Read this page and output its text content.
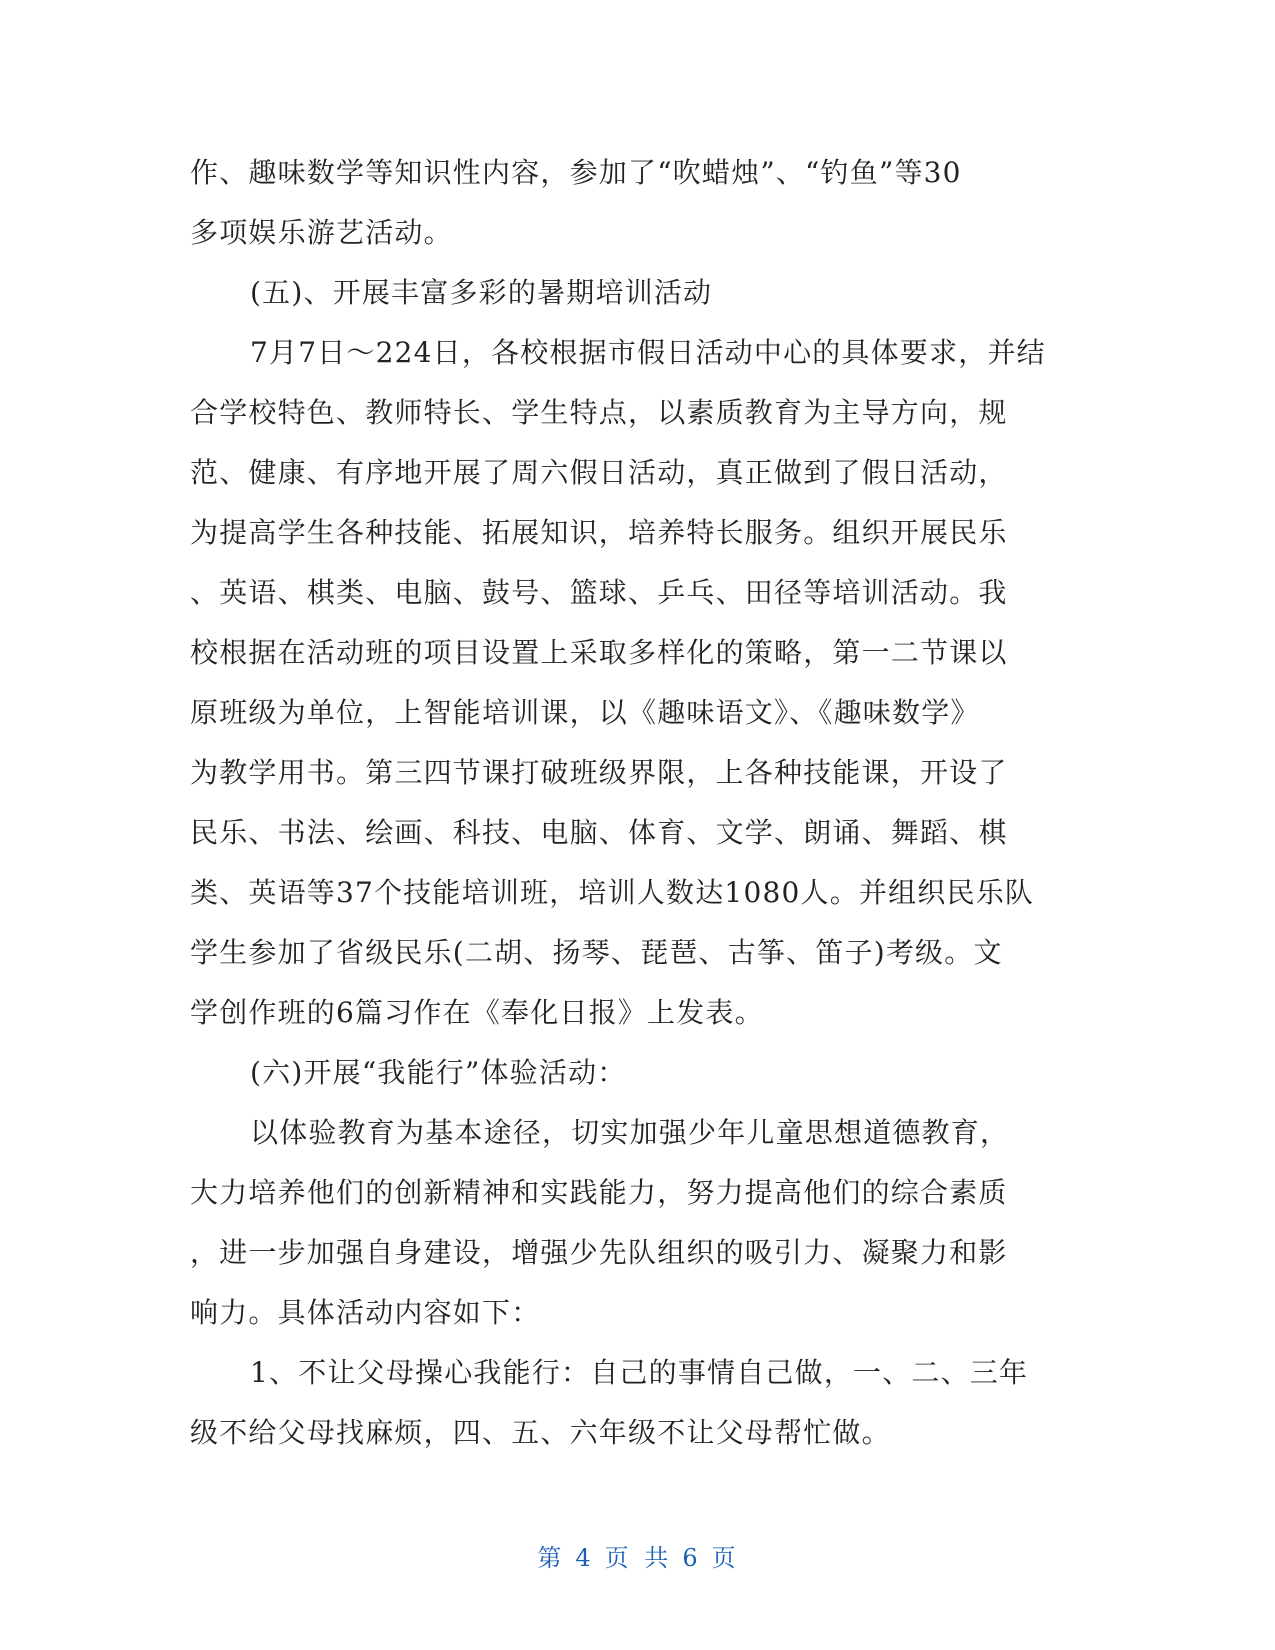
作、趣味数学等知识性内容，参加了“吹蜡烛”、“钓鱼”等30
多项娱乐游艺活动。
(五)、开展丰富多彩的暑期培训活动
7月7日～224日，各校根据市假日活动中心的具体要求，并结
合学校特色、教师特长、学生特点，以素质教育为主导方向，规
范、健康、有序地开展了周六假日活动，真正做到了假日活动，
为提高学生各种技能、拓展知识，培养特长服务。组织开展民乐
、英语、棋类、电脑、鼓号、篮球、乒乓、田径等培训活动。我
校根据在活动班的项目设置上采取多样化的策略，第一二节课以
原班级为单位，上智能培训课，以《趣味语文》、《趣味数学》
为教学用书。第三四节课打破班级界限，上各种技能课，开设了
民乐、书法、绘画、科技、电脑、体育、文学、朗诵、舞蹈、棋
类、英语等37个技能培训班，培训人数达1080人。并组织民乐队
学生参加了省级民乐(二胡、扬琴、琵琶、古筝、笛子)考级。文
学创作班的6篇习作在《奉化日报》上发表。
(六)开展“我能行”体验活动：
以体验教育为基本途径，切实加强少年儿童思想道德教育，
大力培养他们的创新精神和实践能力，努力提高他们的综合素质
，进一步加强自身建设，增强少先队组织的吸引力、凝聚力和影
响力。具体活动内容如下：
1、不让父母操心我能行：自己的事情自己做，一、二、三年
级不给父母找麻烦，四、五、六年级不让父母帮忙做。
第 4 页 共 6 页
